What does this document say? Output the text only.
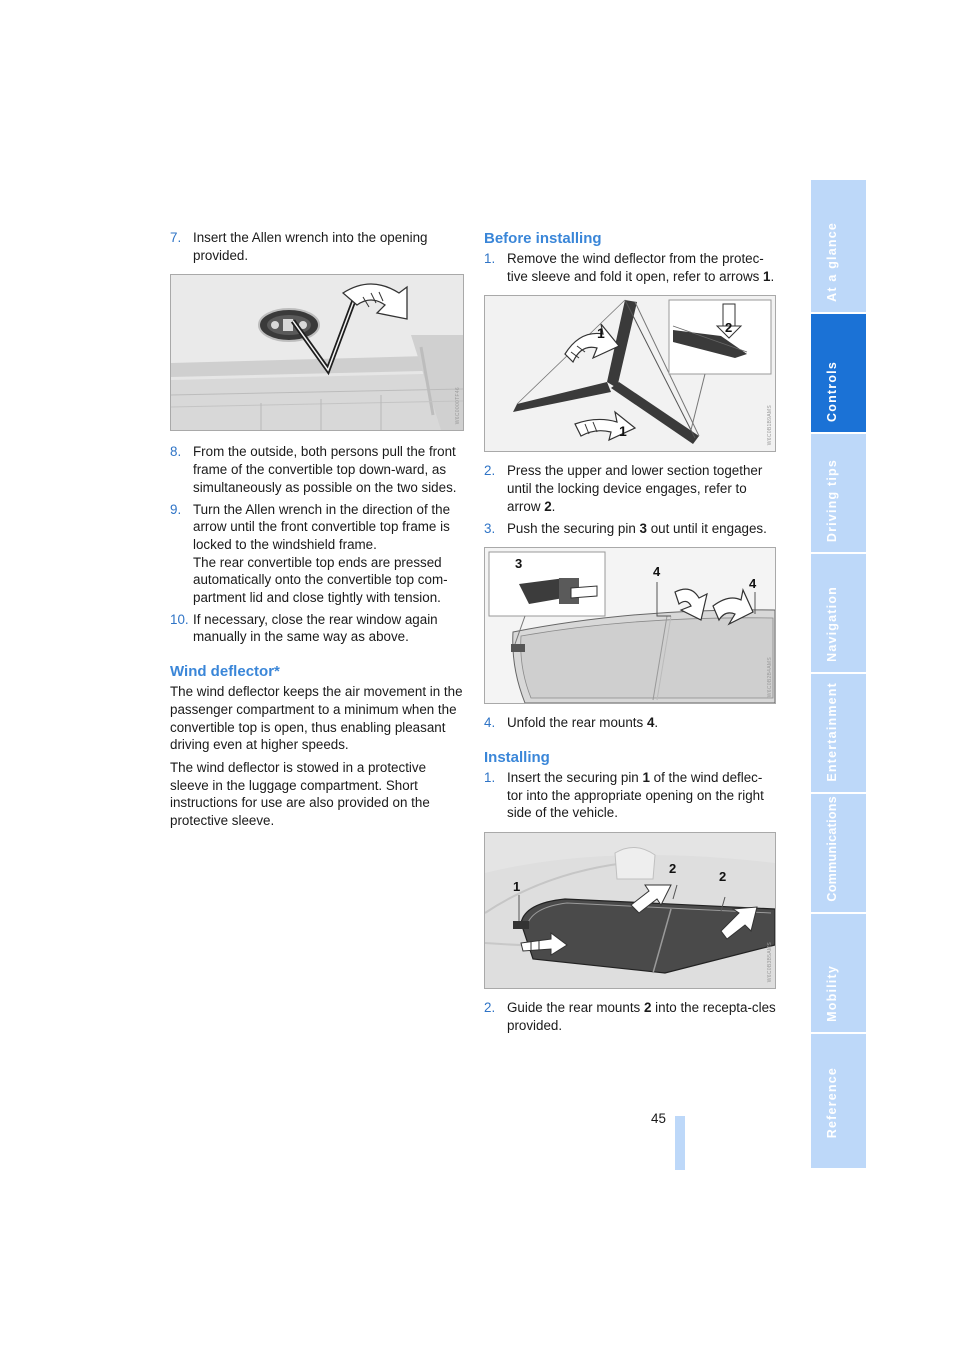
7. Insert the Allen wrench into the opening provided.
W6C0000TF46
8. From the outside, both persons pull the front frame of the convertible top down-ward, as simultaneously as possible on the two sides.
9. Turn the Allen wrench in the direction of the arrow until the front convertible top frame is locked to the windshield frame.
The rear convertible top ends are pressed automatically onto the convertible top com-partment lid and close tightly with tension.
10. If necessary, close the rear window again manually in the same way as above.
Wind deflector*

The wind deflector keeps the air movement in the passenger compartment to a minimum when the convertible top is open, thus enabling pleasant driving even at higher speeds.

The wind deflector is stowed in a protective sleeve in the luggage compartment. Short instructions for use are also provided on the protective sleeve.

Before installing
1. Remove the wind deflector from the protec-tive sleeve and fold it open, refer to arrows 1.
1
1
2
W6C0B1B9AMS
2. Press the upper and lower section together until the locking device engages, refer to arrow 2.
3. Push the securing pin 3 out until it engages.
3
4
4
W6C0B2B4AMS
4. Unfold the rear mounts 4.
Installing
1. Insert the securing pin 1 of the wind deflec-tor into the appropriate opening on the right side of the vehicle.
1
2
2
W6C0B3B5AMS
2. Guide the rear mounts 2 into the recepta-cles provided.
45
At a glance
Controls
Driving tips
Navigation
Entertainment
Communications
Mobility
Reference
